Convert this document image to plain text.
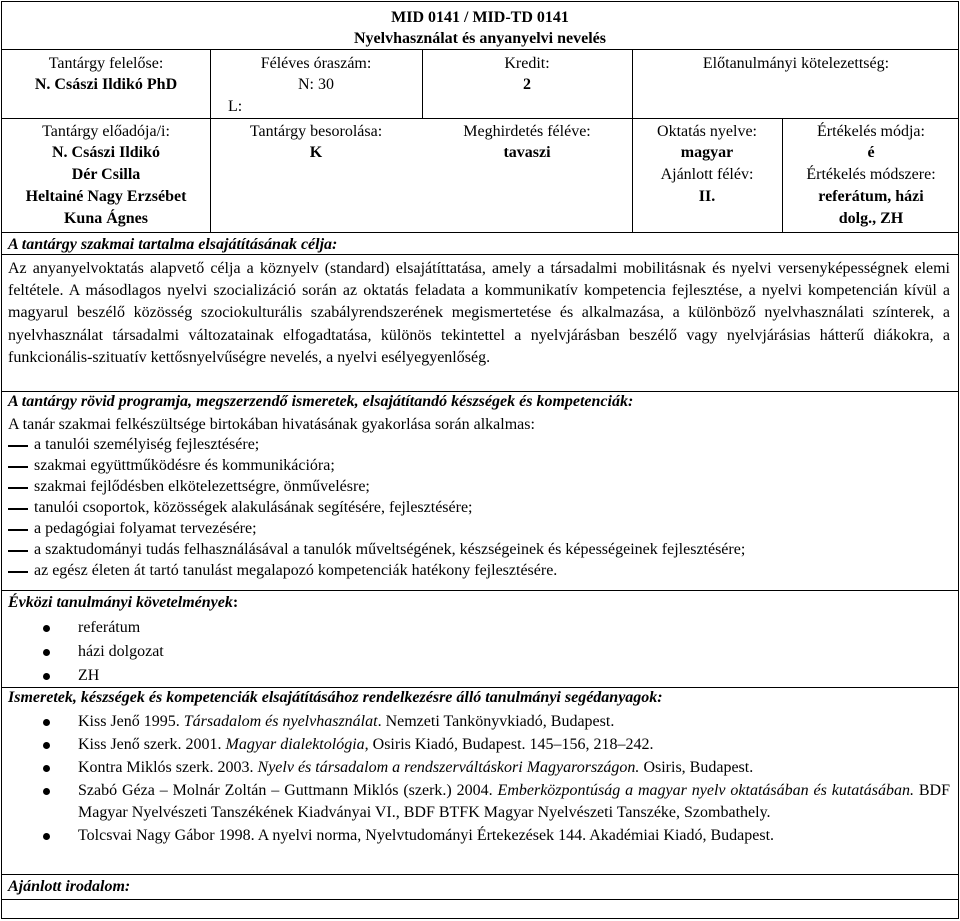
MID 0141 / MID-TD 0141
Nyelvhasználat és anyanyelvi nevelés
Tantárgy felelőse:
N. Császi Ildikó PhD
Féléves óraszám:
N: 30
L:
Kredit:
2
Előtanulmányi kötelezettség:
Tantárgy előadója/i:
N. Császi Ildikó
Dér Csilla
Heltainé Nagy Erzsébet
Kuna Ágnes
Tantárgy besorolása:
K
Meghirdetés féléve:
tavaszi
Oktatás nyelve:
magyar
Ajánlott félév:
II.
Értékelés módja:
é
Értékelés módszere:
referátum, házi
dolg., ZH
A tantárgy szakmai tartalma elsajátításának célja:
Az anyanyelvoktatás alapvető célja a köznyelv (standard) elsajátíttatása, amely a társadalmi mobilitásnak és nyelvi versenyképességnek elemi feltétele. A másodlagos nyelvi szocializáció során az oktatás feladata a kommunikatív kompetencia fejlesztése, a nyelvi kompetencián kívül a magyarul beszélő közösség szociokulturális szabályrendszerének megismertetése és alkalmazása, a különböző nyelvhasználati színterek, a nyelvhasználat társadalmi változatainak elfogadtatása, különös tekintettel a nyelvjárásban beszélő vagy nyelvjárásias hátterű diákokra, a funkcionális-szituatív kettősnyelvűségre nevelés, a nyelvi esélyegyenlőség.
A tantárgy rövid programja, megszerzendő ismeretek, elsajátítandó készségek és kompetenciák:
A tanár szakmai felkészültsége birtokában hivatásának gyakorlása során alkalmas:
a tanulói személyiség fejlesztésére;
szakmai együttműködésre és kommunikációra;
szakmai fejlődésben elkötelezettségre, önművelésre;
tanulói csoportok, közösségek alakulásának segítésére, fejlesztésére;
a pedagógiai folyamat tervezésére;
a szaktudományi tudás felhasználásával a tanulók műveltségének, készségeinek és képességeinek fejlesztésére;
az egész életen át tartó tanulást megalapozó kompetenciák hatékony fejlesztésére.
Évközi tanulmányi követelmények:
referátum
házi dolgozat
ZH
Ismeretek, készségek és kompetenciák elsajátításához rendelkezésre álló tanulmányi segédanyagok:
Kiss Jenő 1995. Társadalom és nyelvhasználat. Nemzeti Tankönyvkiadó, Budapest.
Kiss Jenő szerk. 2001. Magyar dialektológia, Osiris Kiadó, Budapest. 145–156, 218–242.
Kontra Miklós szerk. 2003. Nyelv és társadalom a rendszerváltáskori Magyarországon. Osiris, Budapest.
Szabó Géza – Molnár Zoltán – Guttmann Miklós (szerk.) 2004. Emberközpontúság a magyar nyelv oktatásában és kutatásában. BDF Magyar Nyelvészeti Tanszékének Kiadványai VI., BDF BTFK Magyar Nyelvészeti Tanszéke, Szombathely.
Tolcsvai Nagy Gábor 1998. A nyelvi norma, Nyelvtudományi Értekezések 144. Akadémiai Kiadó, Budapest.
Ajánlott irodalom:
